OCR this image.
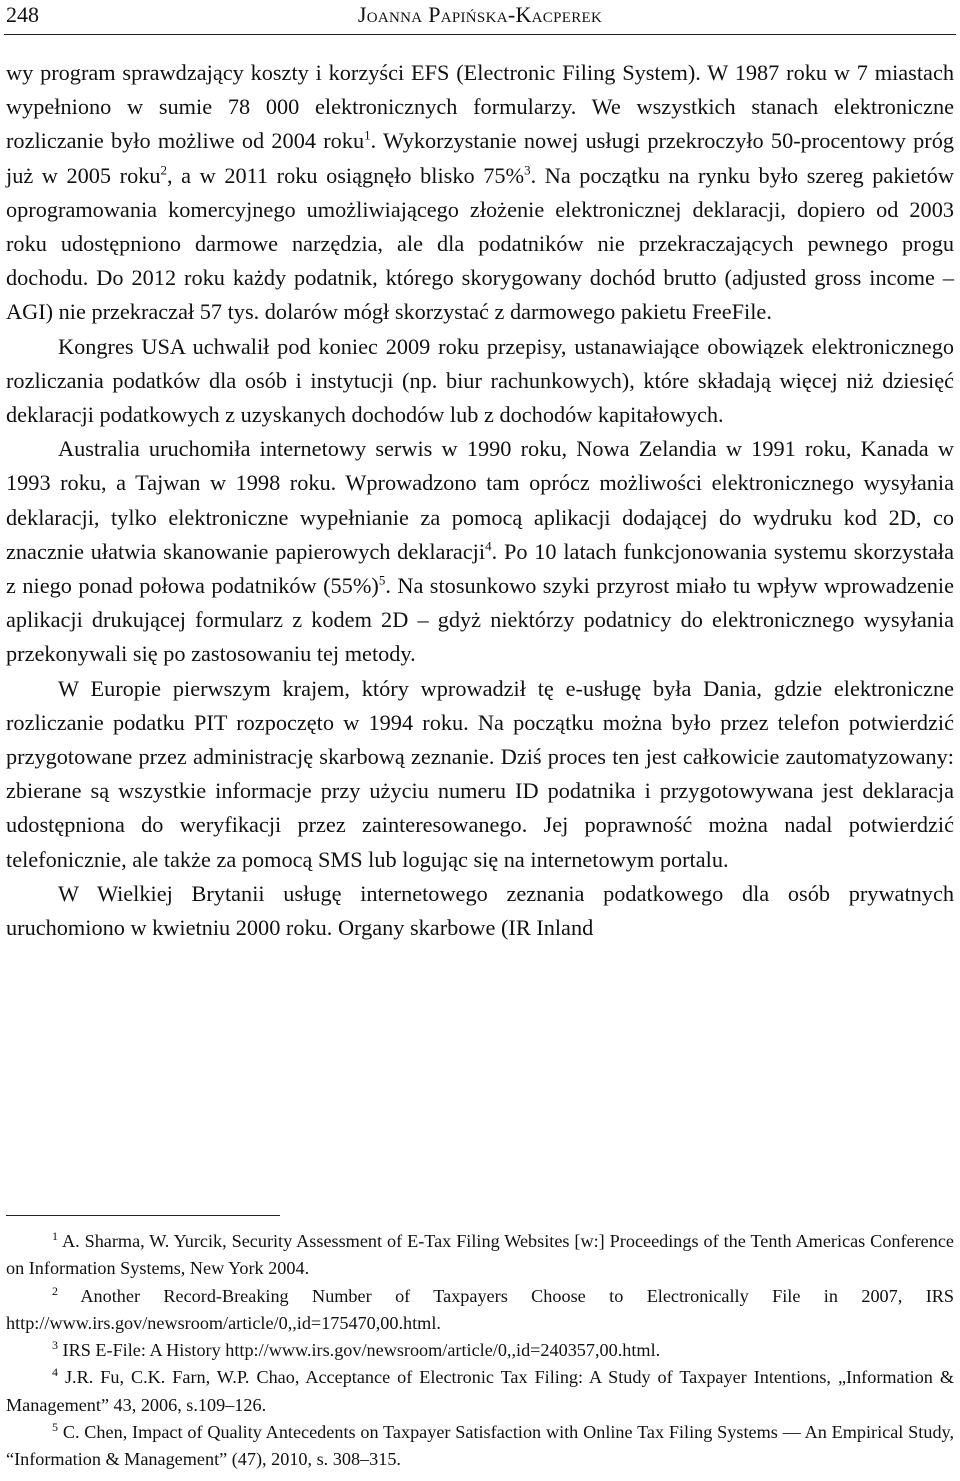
248	Joanna Papińska-Kacperek

wy program sprawdzający koszty i korzyści EFS (Electronic Filing System). W 1987 roku w 7 miastach wypełniono w sumie 78 000 elektronicznych formularzy. We wszystkich stanach elektroniczne rozliczanie było możliwe od 2004 roku$^1$. Wykorzystanie nowej usługi przekroczyło 50-procentowy próg już w 2005 roku$^2$, a w 2011 roku osiągnęło blisko 75%$^3$. Na początku na rynku było szereg pakietów oprogramowania komercyjnego umożliwiającego złożenie elektronicznej deklaracji, dopiero od 2003 roku udostępniono darmowe narzędzia, ale dla podatników nie przekraczających pewnego progu dochodu. Do 2012 roku każdy podatnik, którego skorygowany dochód brutto (adjusted gross income – AGI) nie przekraczał 57 tys. dolarów mógł skorzystać z darmowego pakietu FreeFile.

Kongres USA uchwalił pod koniec 2009 roku przepisy, ustanawiające obowiązek elektronicznego rozliczania podatków dla osób i instytucji (np. biur rachunkowych), które składają więcej niż dziesięć deklaracji podatkowych z uzyskanych dochodów lub z dochodów kapitałowych.

Australia uruchomiła internetowy serwis w 1990 roku, Nowa Zelandia w 1991 roku, Kanada w 1993 roku, a Tajwan w 1998 roku. Wprowadzono tam oprócz możliwości elektronicznego wysyłania deklaracji, tylko elektroniczne wypełnianie za pomocą aplikacji dodającej do wydruku kod 2D, co znacznie ułatwia skanowanie papierowych deklaracji$^4$. Po 10 latach funkcjonowania systemu skorzystała z niego ponad połowa podatników $(55\%)^5$. Na stosunkowo szyki przyrost miało tu wpływ wprowadzenie aplikacji drukującej formularz z kodem 2D – gdyż niektórzy podatnicy do elektronicznego wysyłania przekonywali się po zastosowaniu tej metody.

W Europie pierwszym krajem, który wprowadził tę e-usługę była Dania, gdzie elektroniczne rozliczanie podatku PIT rozpoczęto w 1994 roku. Na początku można było przez telefon potwierdzić przygotowane przez administrację skarbową zeznanie. Dziś proces ten jest całkowicie zautomatyzowany: zbierane są wszystkie informacje przy użyciu numeru ID podatnika i przygotowywana jest deklaracja udostępniona do weryfikacji przez zainteresowanego. Jej poprawność można nadal potwierdzić telefonicznie, ale także za pomocą SMS lub logując się na internetowym portalu.

W Wielkiej Brytanii usługę internetowego zeznania podatkowego dla osób prywatnych uruchomiono w kwietniu 2000 roku. Organy skarbowe (IR Inland

$^1$ A. Sharma, W. Yurcik, Security Assessment of E-Tax Filing Websites [w:] Proceedings of the Tenth Americas Conference on Information Systems, New York 2004.

$^2$ Another Record-Breaking Number of Taxpayers Choose to Electronically File in 2007, IRS http://www.irs.gov/newsroom/article/0,,id=175470,00.html.

$^3$ IRS E-File: A History http://www.irs.gov/newsroom/article/0,,id=240357,00.html.

$^4$ J.R. Fu, C.K. Farn, W.P. Chao, Acceptance of Electronic Tax Filing: A Study of Taxpayer Intentions, „Information & Management” 43, 2006, s.109–126.

$^5$ C. Chen, Impact of Quality Antecedents on Taxpayer Satisfaction with Online Tax Filing Systems — An Empirical Study, “Information & Management” (47), 2010, s. 308–315.
